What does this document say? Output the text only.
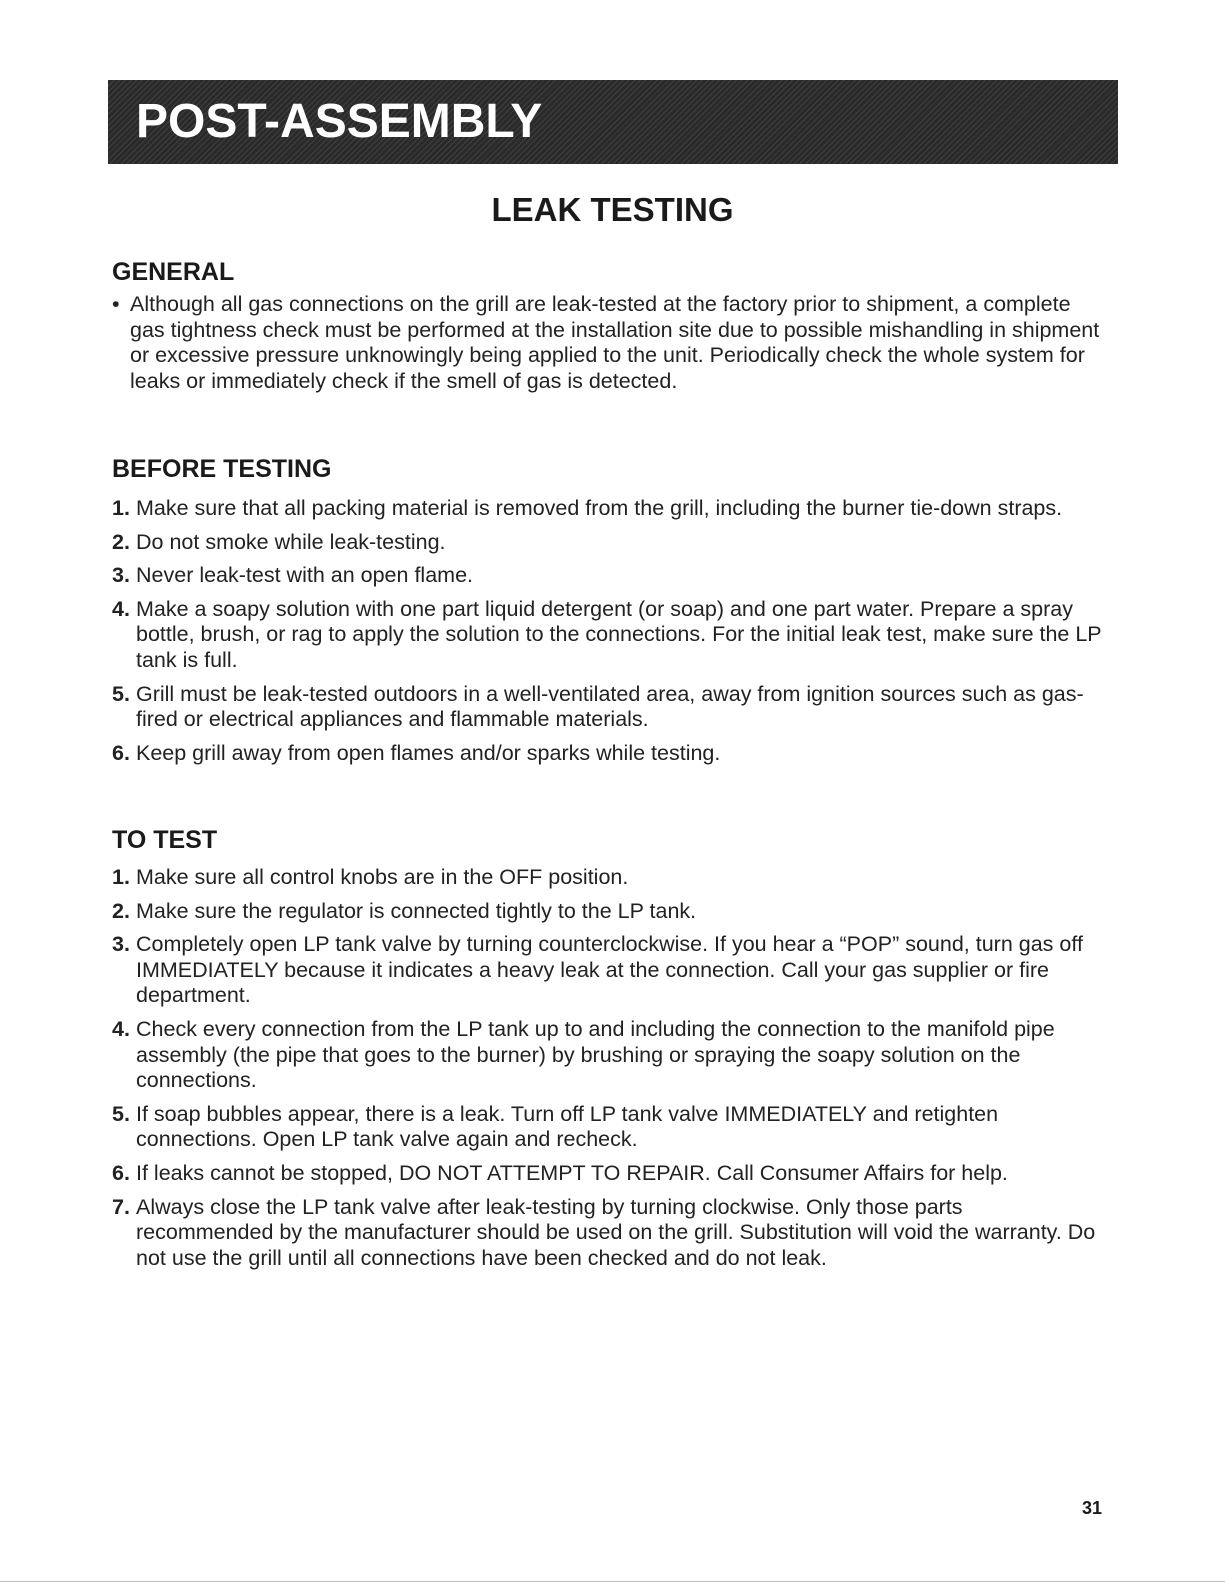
POST-ASSEMBLY
LEAK TESTING
GENERAL
• Although all gas connections on the grill are leak-tested at the factory prior to shipment, a complete gas tightness check must be performed at the installation site due to possible mishandling in shipment or excessive pressure unknowingly being applied to the unit. Periodically check the whole system for leaks or immediately check if the smell of gas is detected.
BEFORE TESTING
1. Make sure that all packing material is removed from the grill, including the burner tie-down straps.
2. Do not smoke while leak-testing.
3. Never leak-test with an open flame.
4. Make a soapy solution with one part liquid detergent (or soap) and one part water. Prepare a spray bottle, brush, or rag to apply the solution to the connections. For the initial leak test, make sure the LP tank is full.
5. Grill must be leak-tested outdoors in a well-ventilated area, away from ignition sources such as gas-fired or electrical appliances and flammable materials.
6. Keep grill away from open flames and/or sparks while testing.
TO TEST
1. Make sure all control knobs are in the OFF position.
2. Make sure the regulator is connected tightly to the LP tank.
3. Completely open LP tank valve by turning counterclockwise. If you hear a “POP” sound, turn gas off IMMEDIATELY because it indicates a heavy leak at the connection. Call your gas supplier or fire department.
4. Check every connection from the LP tank up to and including the connection to the manifold pipe assembly (the pipe that goes to the burner) by brushing or spraying the soapy solution on the connections.
5. If soap bubbles appear, there is a leak. Turn off LP tank valve IMMEDIATELY and retighten connections. Open LP tank valve again and recheck.
6. If leaks cannot be stopped, DO NOT ATTEMPT TO REPAIR. Call Consumer Affairs for help.
7. Always close the LP tank valve after leak-testing by turning clockwise. Only those parts recommended by the manufacturer should be used on the grill. Substitution will void the warranty. Do not use the grill until all connections have been checked and do not leak.
31
